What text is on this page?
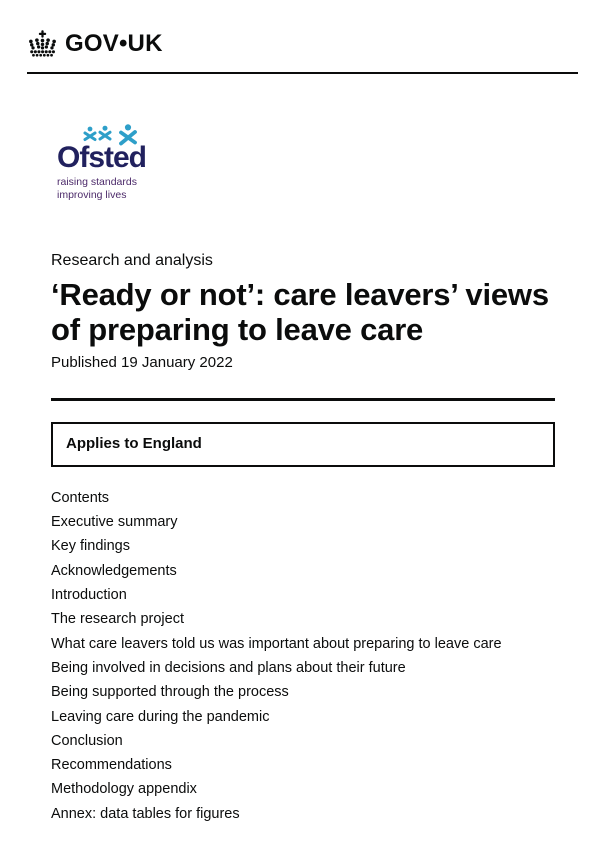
GOV•UK
Ofsted
raising standards
improving lives
Research and analysis
‘Ready or not’: care leavers’ views of preparing to leave care
Published 19 January 2022
Applies to England
Contents
Executive summary
Key findings
Acknowledgements
Introduction
The research project
What care leavers told us was important about preparing to leave care
Being involved in decisions and plans about their future
Being supported through the process
Leaving care during the pandemic
Conclusion
Recommendations
Methodology appendix
Annex: data tables for figures
